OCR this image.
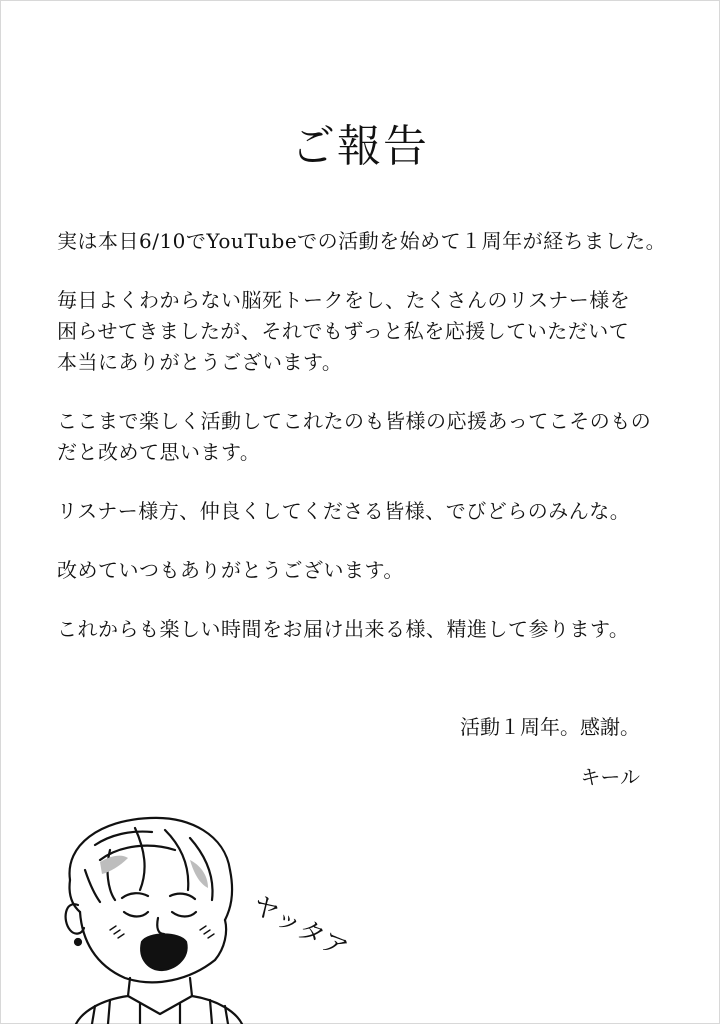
ご報告

実は本日6/10でYouTubeでの活動を始めて１周年が経ちました。

毎日よくわからない脳死トークをし、たくさんのリスナー様を
困らせてきましたが、それでもずっと私を応援していただいて
本当にありがとうございます。

ここまで楽しく活動してこれたのも皆様の応援あってこそのもの
だと改めて思います。

リスナー様方、仲良くしてくださる皆様、でびどらのみんな。

改めていつもありがとうございます。

これからも楽しい時間をお届け出来る様、精進して参ります。

活動１周年。感謝。
キール
ヤッタア
